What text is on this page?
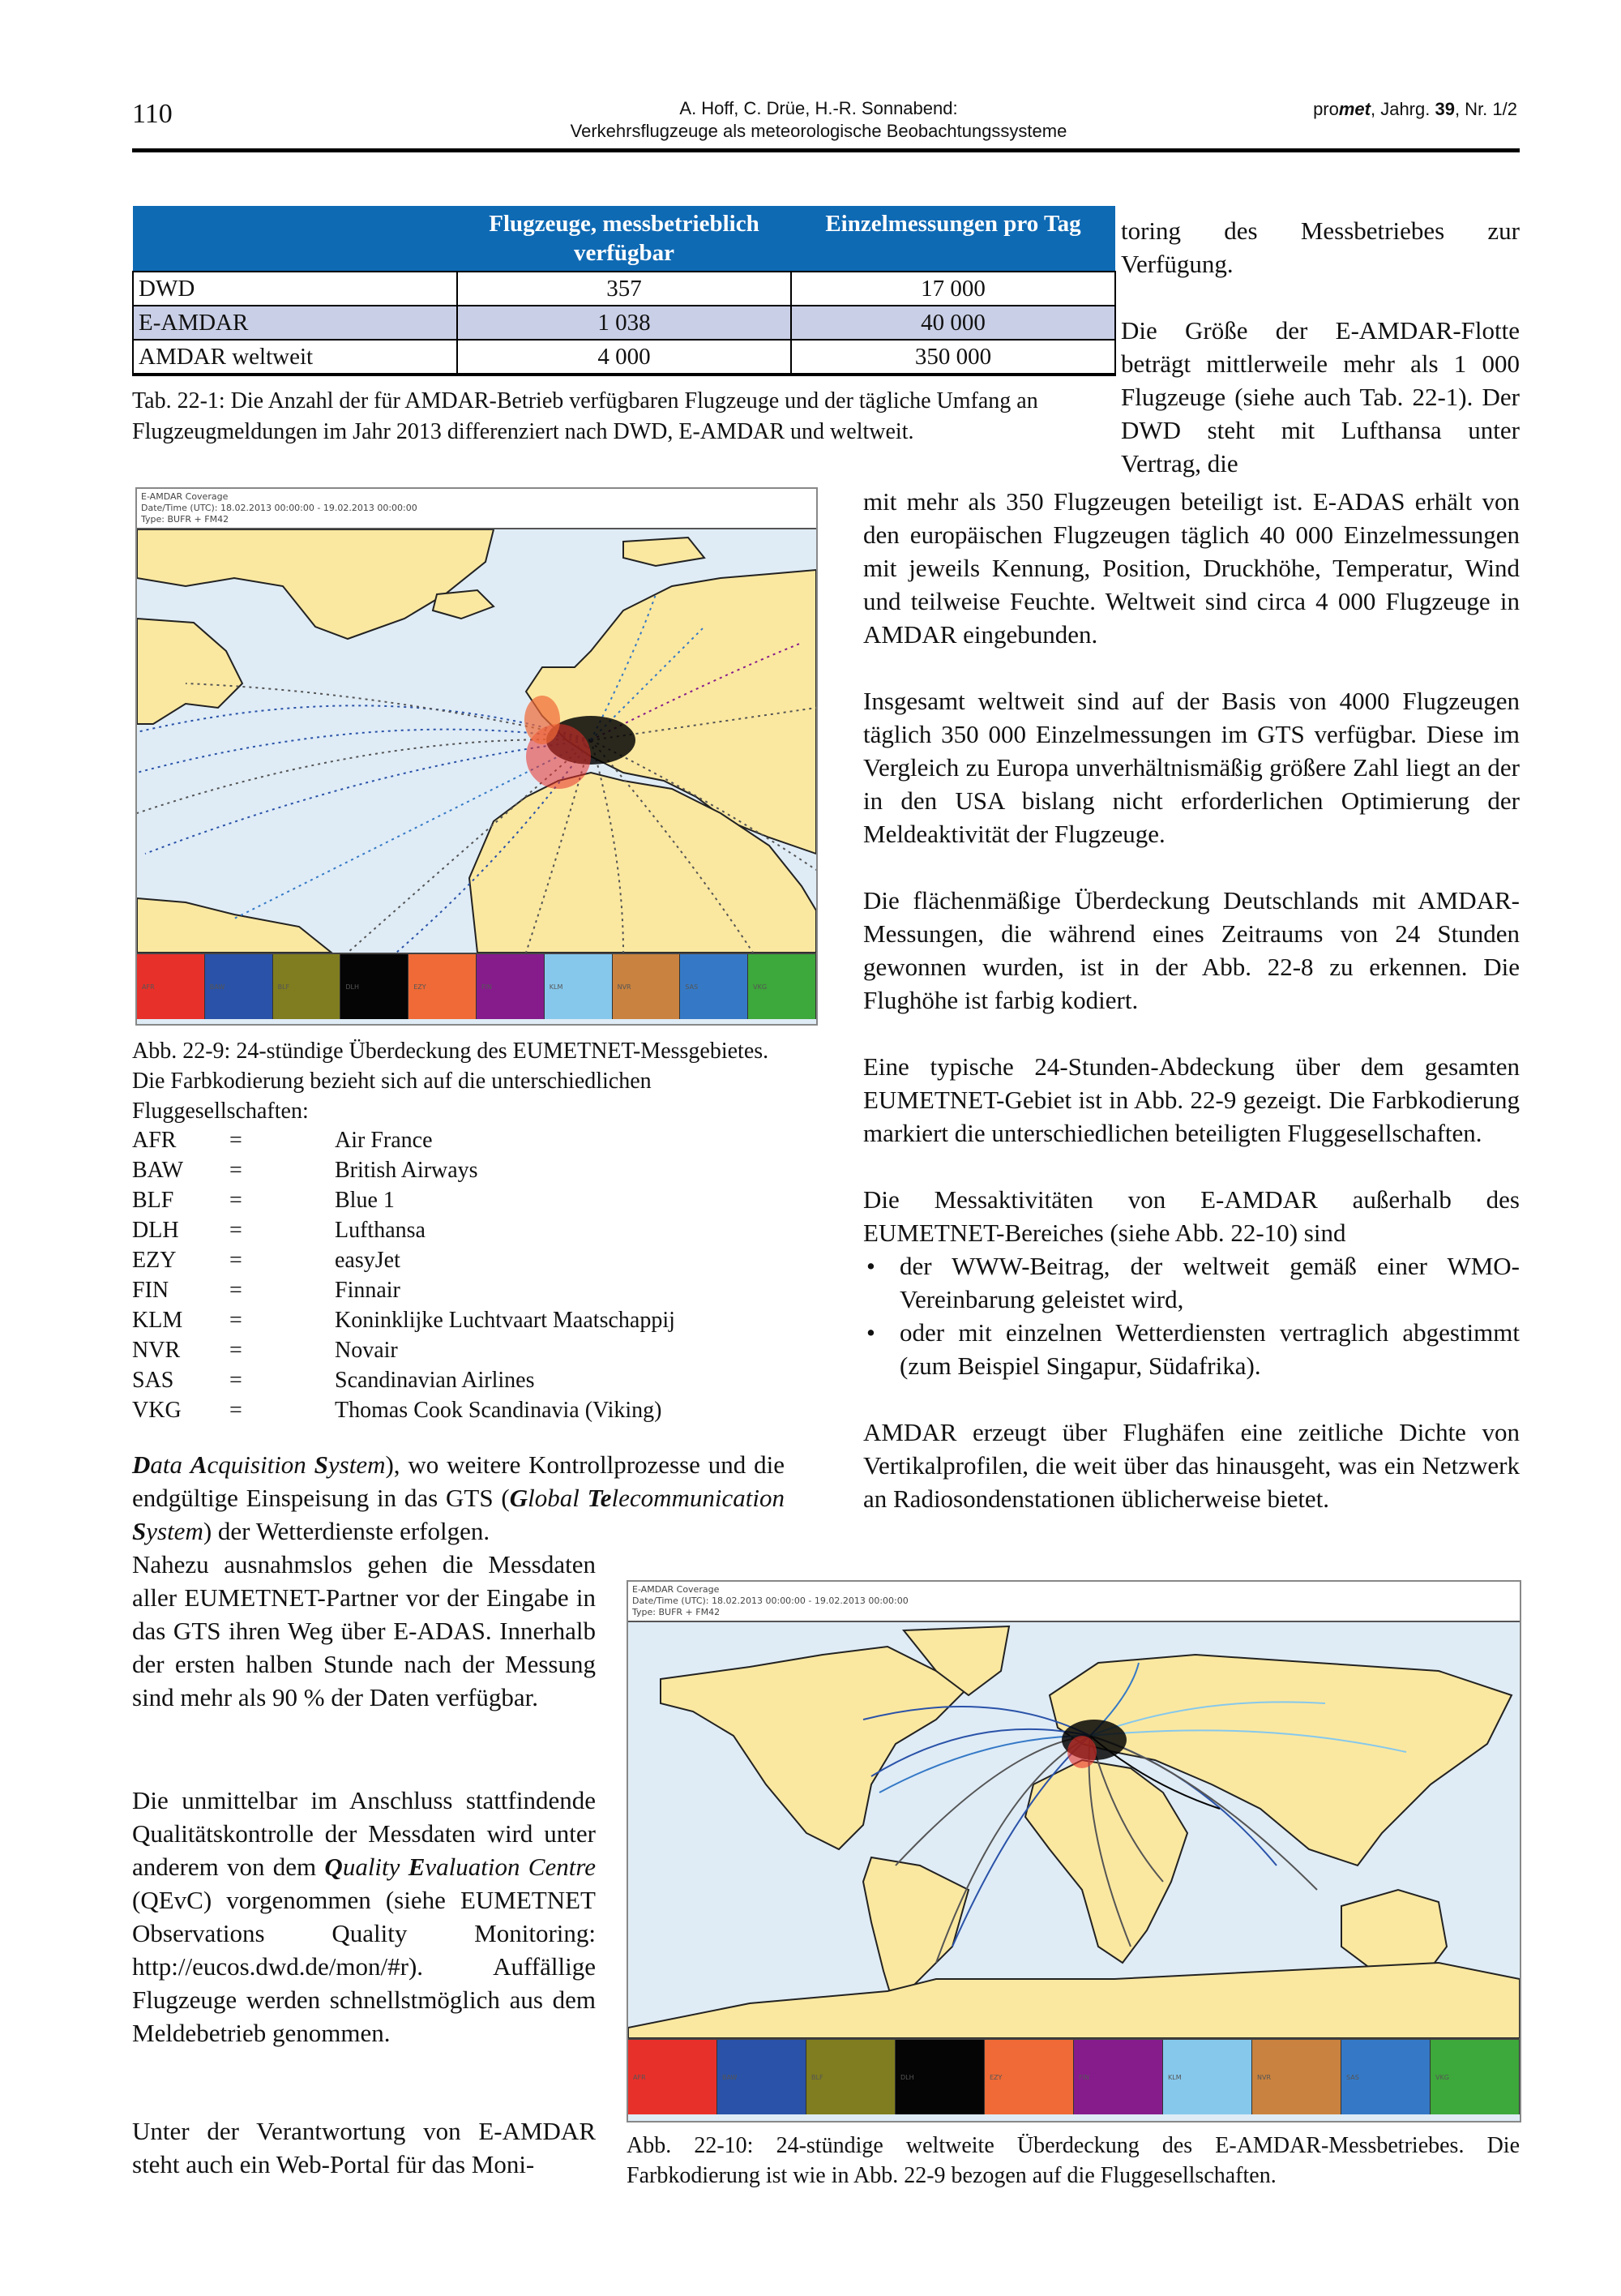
110	A. Hoff, C. Drüe, H.-R. Sonnabend:
Verkehrsflugzeuge als meteorologische Beobachtungssysteme
promet, Jahrg. 39, Nr. 1/2
	Flugzeuge, messbetrieblich verfügbar	Einzelmessungen pro Tag
DWD	357	17 000
E-AMDAR	1 038	40 000
AMDAR weltweit	4 000	350 000
Tab. 22-1: Die Anzahl der für AMDAR-Betrieb verfügbaren Flugzeuge und der tägliche Umfang an Flugzeugmeldungen im Jahr 2013 differenziert nach DWD, E-AMDAR und weltweit.
toring des Messbetriebes zur Verfügung.
Die Größe der E-AMDAR-Flotte beträgt mittlerweile mehr als 1 000 Flugzeuge (siehe auch Tab. 22-1). Der DWD steht mit Lufthansa unter Vertrag, die
mit mehr als 350 Flugzeugen beteiligt ist. E-ADAS erhält von den europäischen Flugzeugen täglich 40 000 Einzelmessungen mit jeweils Kennung, Position, Druckhöhe, Temperatur, Wind und teilweise Feuchte. Weltweit sind circa 4 000 Flugzeuge in AMDAR eingebunden.
Insgesamt weltweit sind auf der Basis von 4000 Flugzeugen täglich 350 000 Einzelmessungen im GTS verfügbar. Diese im Vergleich zu Europa unverhältnismäßig größere Zahl liegt an der in den USA bislang nicht erforderlichen Optimierung der Meldeaktivität der Flugzeuge.
Die flächenmäßige Überdeckung Deutschlands mit AMDAR-Messungen, die während eines Zeitraums von 24 Stunden gewonnen wurden, ist in der Abb. 22-8 zu erkennen. Die Flughöhe ist farbig kodiert.
Eine typische 24-Stunden-Abdeckung über dem gesamten EUMETNET-Gebiet ist in Abb. 22-9 gezeigt. Die Farbkodierung markiert die unterschiedlichen beteiligten Fluggesellschaften.
Die Messaktivitäten von E-AMDAR außerhalb des EUMETNET-Bereiches (siehe Abb. 22-10) sind
• der WWW-Beitrag, der weltweit gemäß einer WMO-Vereinbarung geleistet wird,
• oder mit einzelnen Wetterdiensten vertraglich abgestimmt (zum Beispiel Singapur, Südafrika).
AMDAR erzeugt über Flughäfen eine zeitliche Dichte von Vertikalprofilen, die weit über das hinausgeht, was ein Netzwerk an Radiosondenstationen üblicherweise bietet.
E-AMDAR Coverage
Date/Time (UTC): 18.02.2013 00:00:00 - 19.02.2013 00:00:00
Type: BUFR + FM42
AFR	BAW	BLF	DLH	EZY	FIN	KLM	NVR	SAS	VKG
Abb. 22-9: 24-stündige Überdeckung des EUMETNET-Messgebietes. Die Farbkodierung bezieht sich auf die unterschiedlichen Fluggesellschaften:
AFR	=	Air France
BAW	=	British Airways
BLF	=	Blue 1
DLH	=	Lufthansa
EZY	=	easyJet
FIN	=	Finnair
KLM	=	Koninklijke Luchtvaart Maatschappij
NVR	=	Novair
SAS	=	Scandinavian Airlines
VKG	=	Thomas Cook Scandinavia (Viking)
Data Acquisition System), wo weitere Kontrollprozesse und die endgültige Einspeisung in das GTS (Global Telecommunication System) der Wetterdienste erfolgen.
Nahezu ausnahmslos gehen die Messdaten aller EUMETNET-Partner vor der Eingabe in das GTS ihren Weg über E-ADAS. Innerhalb der ersten halben Stunde nach der Messung sind mehr als 90 % der Daten verfügbar.
Die unmittelbar im Anschluss stattfindende Qualitätskontrolle der Messdaten wird unter anderem von dem Quality Evaluation Centre (QEvC) vorgenommen (siehe EUMETNET Observations Quality Monitoring: http://eucos.dwd.de/mon/#r). Auffällige Flugzeuge werden schnellstmöglich aus dem Meldebetrieb genommen.
Unter der Verantwortung von E-AMDAR steht auch ein Web-Portal für das Moni-
E-AMDAR Coverage
Date/Time (UTC): 18.02.2013 00:00:00 - 19.02.2013 00:00:00
Type: BUFR + FM42
AFR	BAW	BLF	DLH	EZY	FIN	KLM	NVR	SAS	VKG
Abb. 22-10: 24-stündige weltweite Überdeckung des E-AMDAR-Messbetriebes. Die Farbkodierung ist wie in Abb. 22-9 bezogen auf die Fluggesellschaften.
